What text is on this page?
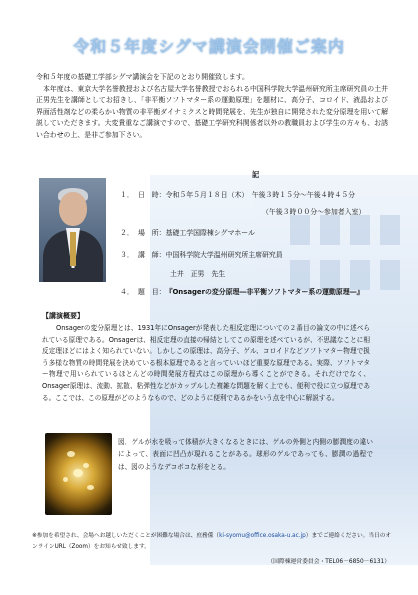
令和５年度シグマ講演会開催ご案内

令和５年度の基礎工学部シグマ講演会を下記のとおり開催致します。

本年度は、東京大学名誉教授および名古屋大学名誉教授でおられる中国科学院大学温州研究所主席研究員の土井正男先生を講師としてお招きし、「非平衡ソフトマター系の運動原理」を題材に、高分子、コロイド、液晶および界面活性剤などの柔らかい物質の非平衡ダイナミクスと時間発展を、先生が独自に開発された変分原理を用いて解説していただきます。大変貴重なご講演ですので、基礎工学研究科関係者以外の教職員および学生の方々も、お誘い合わせの上、是非ご参加下さい。

記
１． 日　時：令和５年５月１８日（木）　午後３時１５分～午後４時４５分
（午後３時００分～参加者入室）
２． 場　所：基礎工学国際棟シグマホール
３． 講　師：中国科学院大学温州研究所主席研究員
土井　正男　先生
４． 題　目：『Onsagerの変分原理―非平衡ソフトマター系の運動原理―』
【講演概要】
Onsagerの変分原理とは、1931年にOnsagerが発表した相反定理についての２番目の論文の中に述べられている原理である。Onsagerは、相反定理の直接の帰結としてこの原理を述べているが、不思議なことに相反定理ほどにはよく知られていない。しかしこの原理は、高分子、ゲル、コロイドなどソフトマター物理で扱う多様な物質の時間発展を決めている根本原理であると言っていいほど重要な原理である。実際、ソフトマター物理で用いられているほとんどの時間発展方程式はこの原理から導くことができる。それだけでなく、Onsager原理は、流動、拡散、粘弾性などがカップルした複雑な問題を解く上でも、便利で役に立つ原理である。ここでは、この原理がどのようなもので、どのように便利であるかをいう点を中心に解説する。
図．ゲルが水を吸って体積が大きくなるときには、ゲルの外側と内側の膨潤度の違いによって、表面に凹凸が現れることがある。球形のゲルであっても、膨潤の過程では、図のようなデコボコな形をとる。
※参加を希望され、会場へお越しいただくことが困難な場合は、庶務係（ki-syomu@office.osaka-u.ac.jp）までご連絡ください。当日のオンラインURL（Zoom）をお知らせ致します。
（国際棟運営委員会・TEL06－6850－6131）
